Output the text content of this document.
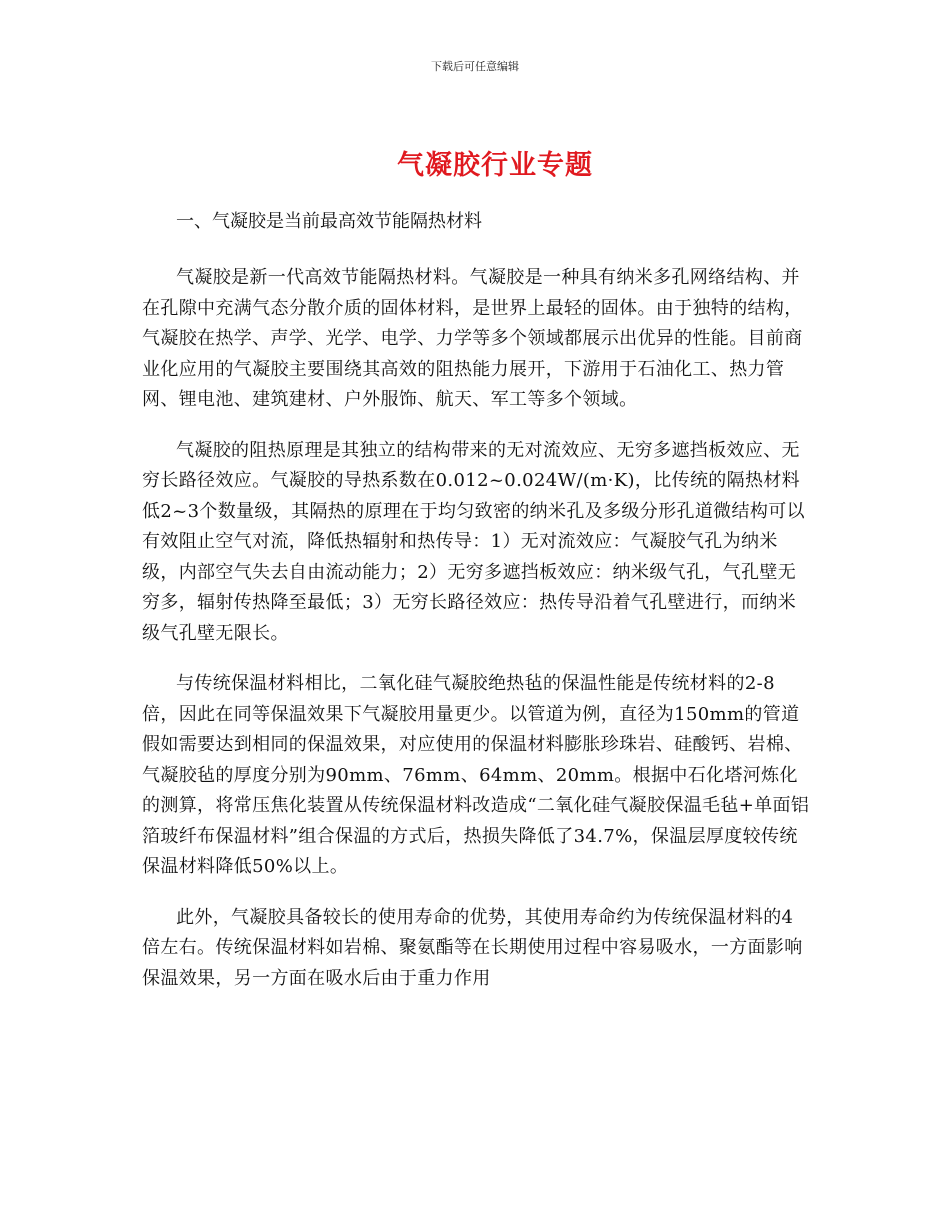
下载后可任意编辑
气凝胶行业专题

一、气凝胶是当前最高效节能隔热材料

气凝胶是新一代高效节能隔热材料。气凝胶是一种具有纳米多孔网络结构、并在孔隙中充满气态分散介质的固体材料，是世界上最轻的固体。由于独特的结构，气凝胶在热学、声学、光学、电学、力学等多个领域都展示出优异的性能。目前商业化应用的气凝胶主要围绕其高效的阻热能力展开，下游用于石油化工、热力管网、锂电池、建筑建材、户外服饰、航天、军工等多个领域。

气凝胶的阻热原理是其独立的结构带来的无对流效应、无穷多遮挡板效应、无穷长路径效应。气凝胶的导热系数在0.012~0.024W/(m·K)，比传统的隔热材料低2~3个数量级，其隔热的原理在于均匀致密的纳米孔及多级分形孔道微结构可以有效阻止空气对流，降低热辐射和热传导：1）无对流效应：气凝胶气孔为纳米级，内部空气失去自由流动能力；2）无穷多遮挡板效应：纳米级气孔，气孔壁无穷多，辐射传热降至最低；3）无穷长路径效应：热传导沿着气孔壁进行，而纳米级气孔壁无限长。

与传统保温材料相比，二氧化硅气凝胶绝热毡的保温性能是传统材料的2-8倍，因此在同等保温效果下气凝胶用量更少。以管道为例，直径为150mm的管道假如需要达到相同的保温效果，对应使用的保温材料膨胀珍珠岩、硅酸钙、岩棉、气凝胶毡的厚度分别为90mm、76mm、64mm、20mm。根据中石化塔河炼化的测算，将常压焦化装置从传统保温材料改造成“二氧化硅气凝胶保温毛毡+单面铝箔玻纤布保温材料”组合保温的方式后，热损失降低了34.7%，保温层厚度较传统保温材料降低50%以上。

此外，气凝胶具备较长的使用寿命的优势，其使用寿命约为传统保温材料的4倍左右。传统保温材料如岩棉、聚氨酯等在长期使用过程中容易吸水，一方面影响保温效果，另一方面在吸水后由于重力作用
